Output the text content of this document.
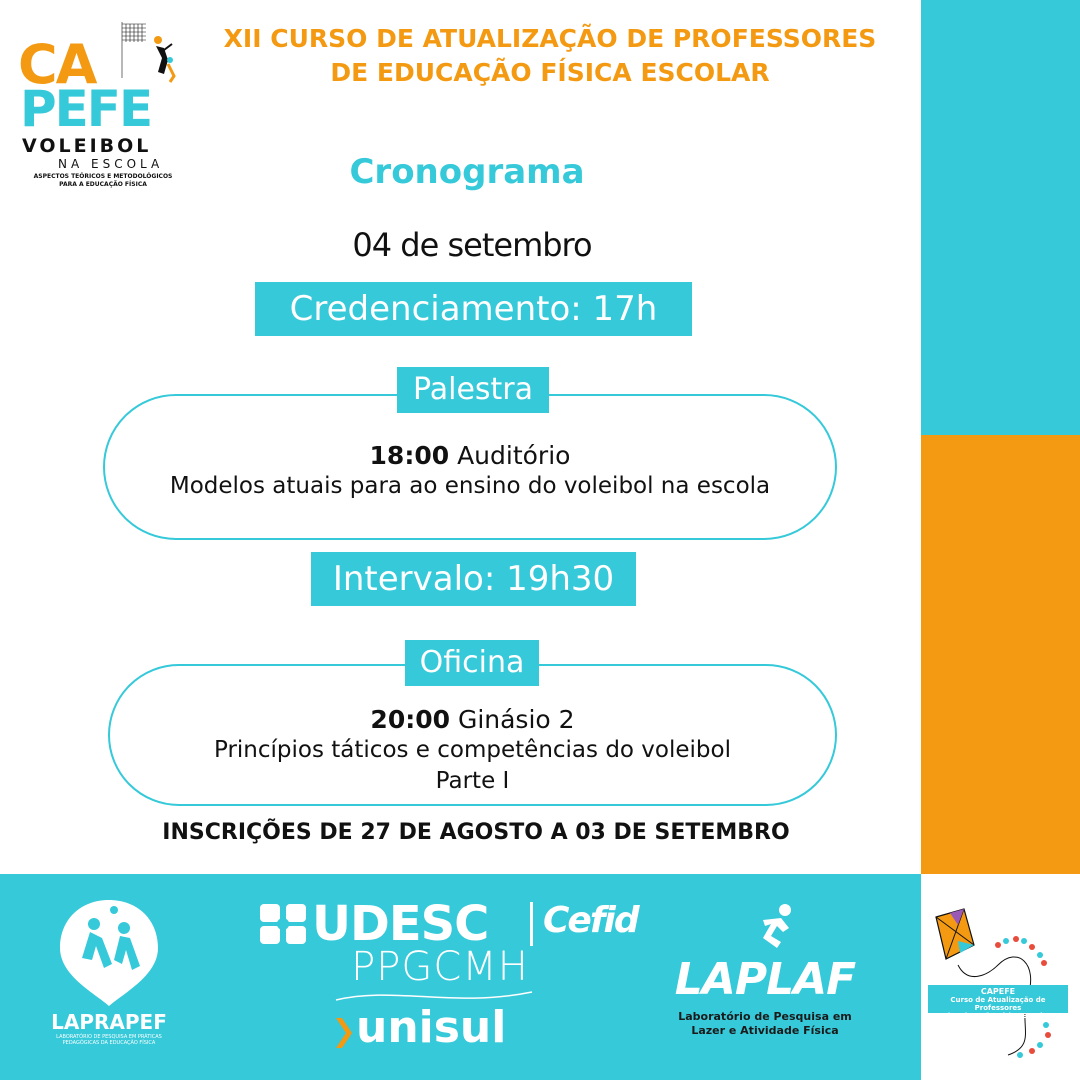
CA
PEFE
VOLEIBOL
NA ESCOLA
ASPECTOS TEÓRICOS E METODOLÓGICOS
PARA A EDUCAÇÃO FÍSICA
XII CURSO DE ATUALIZAÇÃO DE PROFESSORES
DE EDUCAÇÃO FÍSICA ESCOLAR
Cronograma
04 de setembro
Credenciamento: 17h
Palestra
18:00 Auditório
Modelos atuais para ao ensino do voleibol na escola
Intervalo: 19h30
Oficina
20:00 Ginásio 2
Princípios táticos e competências do voleibol
Parte I
INSCRIÇÕES DE 27 DE AGOSTO A 03 DE SETEMBRO
LAPRAPEF
LABORATÓRIO DE PESQUISA EM PRÁTICAS
PEDAGÓGICAS DA EDUCAÇÃO FÍSICA
UDESC Cefid
PPGCMH
unisul
LAPLAF
Laboratório de Pesquisa em
Lazer e Atividade Física
CAPEFE
Curso de Atualização de Professores
de Educação Física Escolar
